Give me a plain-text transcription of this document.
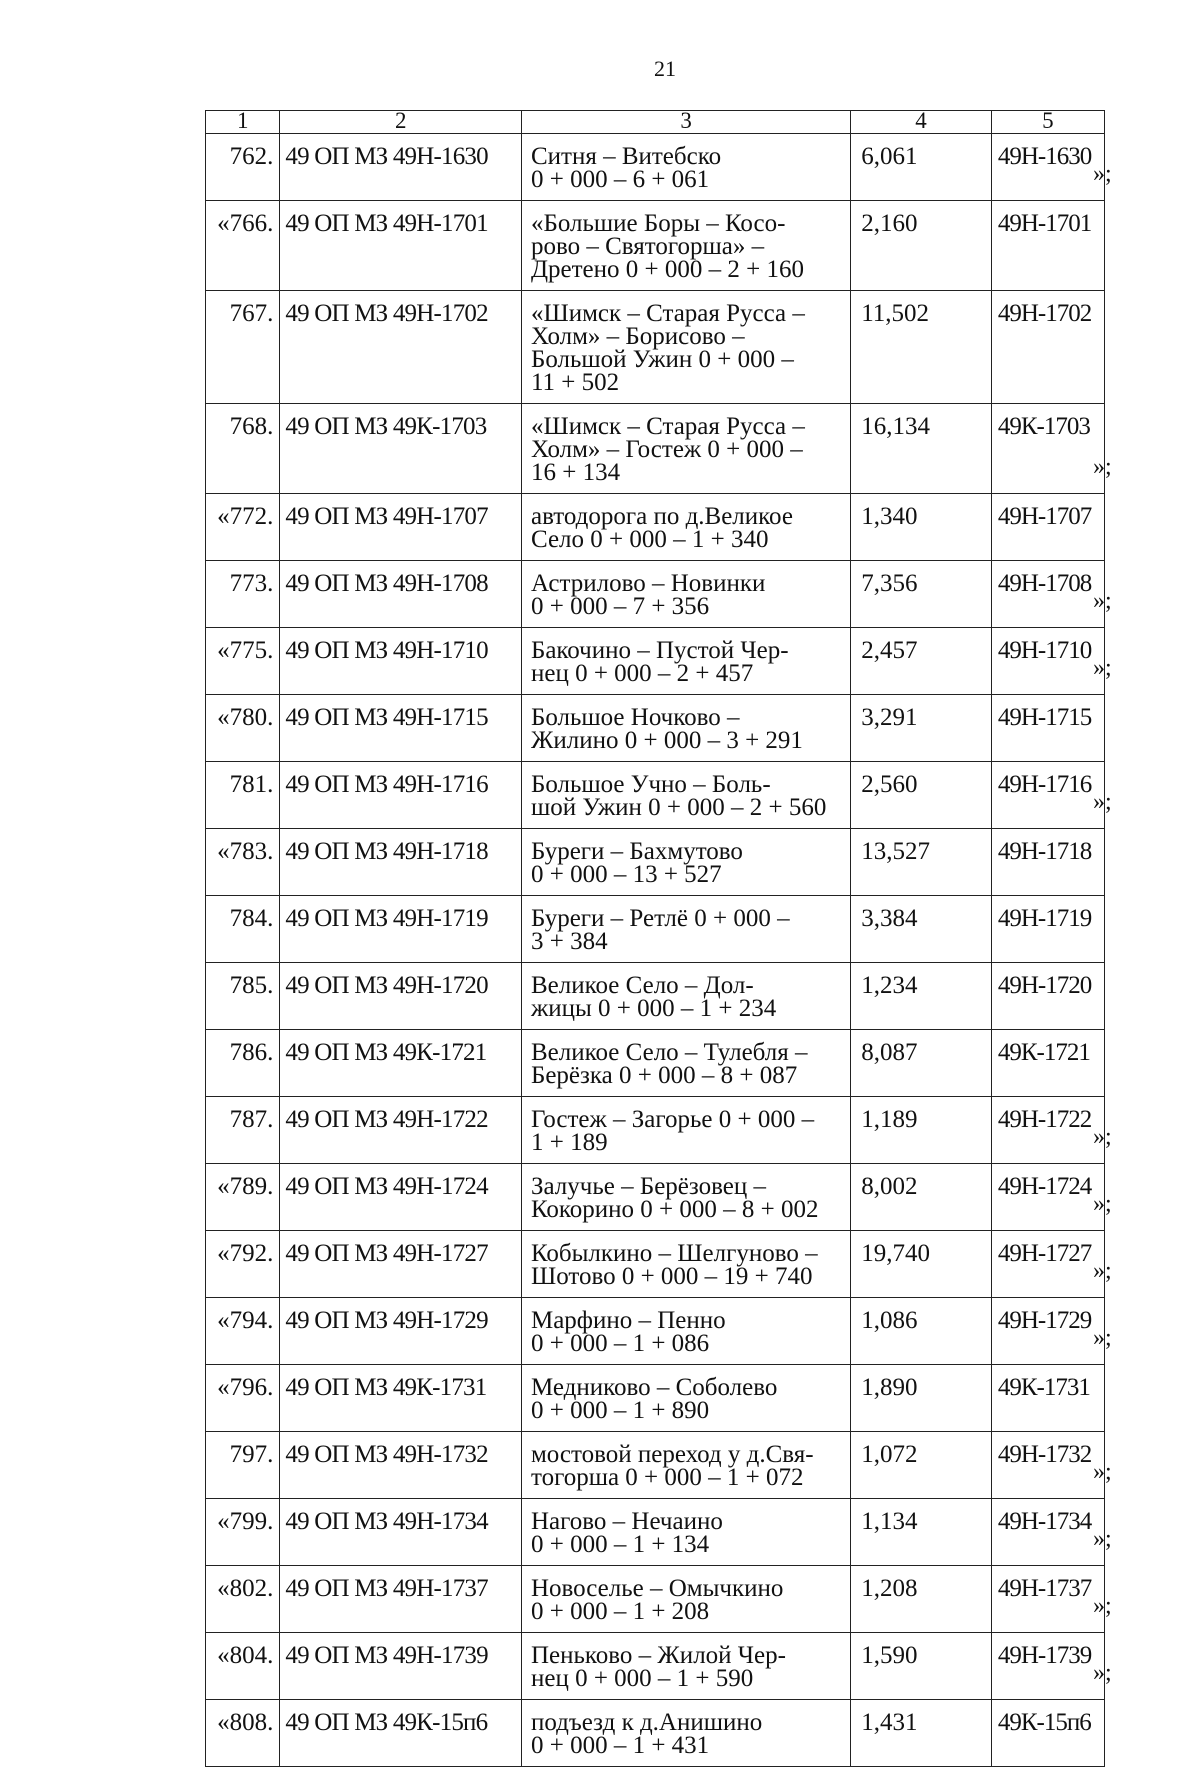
21
1	2	3	4	5
762.	49 ОП МЗ 49Н-1630	Ситня – Витебско
0 + 000 – 6 + 061	6,061	49Н-1630
«766.	49 ОП МЗ 49Н-1701	«Большие Боры – Косо-
рово – Святогорша» –
Дретено 0 + 000 – 2 + 160	2,160	49Н-1701
767.	49 ОП МЗ 49Н-1702	«Шимск – Старая Русса –
Холм» – Борисово –
Большой Ужин 0 + 000 –
11 + 502	11,502	49Н-1702
768.	49 ОП МЗ 49К-1703	«Шимск – Старая Русса –
Холм» – Гостеж 0 + 000 –
16 + 134	16,134	49К-1703
«772.	49 ОП МЗ 49Н-1707	автодорога по д.Великое
Село 0 + 000 – 1 + 340	1,340	49Н-1707
773.	49 ОП МЗ 49Н-1708	Астрилово – Новинки
0 + 000 – 7 + 356	7,356	49Н-1708
«775.	49 ОП МЗ 49Н-1710	Бакочино – Пустой Чер-
нец 0 + 000 – 2 + 457	2,457	49Н-1710
«780.	49 ОП МЗ 49Н-1715	Большое Ночково –
Жилино 0 + 000 – 3 + 291	3,291	49Н-1715
781.	49 ОП МЗ 49Н-1716	Большое Учно – Боль-
шой Ужин 0 + 000 – 2 + 560	2,560	49Н-1716
«783.	49 ОП МЗ 49Н-1718	Буреги – Бахмутово
0 + 000 – 13 + 527	13,527	49Н-1718
784.	49 ОП МЗ 49Н-1719	Буреги – Ретлё 0 + 000 –
3 + 384	3,384	49Н-1719
785.	49 ОП МЗ 49Н-1720	Великое Село – Дол-
жицы 0 + 000 – 1 + 234	1,234	49Н-1720
786.	49 ОП МЗ 49К-1721	Великое Село – Тулебля –
Берёзка 0 + 000 – 8 + 087	8,087	49К-1721
787.	49 ОП МЗ 49Н-1722	Гостеж – Загорье 0 + 000 –
1 + 189	1,189	49Н-1722
«789.	49 ОП МЗ 49Н-1724	Залучье – Берёзовец –
Кокорино 0 + 000 – 8 + 002	8,002	49Н-1724
«792.	49 ОП МЗ 49Н-1727	Кобылкино – Шелгуново –
Шотово 0 + 000 – 19 + 740	19,740	49Н-1727
«794.	49 ОП МЗ 49Н-1729	Марфино – Пенно
0 + 000 – 1 + 086	1,086	49Н-1729
«796.	49 ОП МЗ 49К-1731	Медниково – Соболево
0 + 000 – 1 + 890	1,890	49К-1731
797.	49 ОП МЗ 49Н-1732	мостовой переход у д.Свя-
тогорша 0 + 000 – 1 + 072	1,072	49Н-1732
«799.	49 ОП МЗ 49Н-1734	Нагово – Нечаино
0 + 000 – 1 + 134	1,134	49Н-1734
«802.	49 ОП МЗ 49Н-1737	Новоселье – Омычкино
0 + 000 – 1 + 208	1,208	49Н-1737
«804.	49 ОП МЗ 49Н-1739	Пеньково – Жилой Чер-
нец 0 + 000 – 1 + 590	1,590	49Н-1739
«808.	49 ОП МЗ 49К-15п6	подъезд к д.Анишино
0 + 000 – 1 + 431	1,431	49К-15п6
»;
»;
»;
»;
»;
»;
»;
»;
»;
»;
»;
»;
»;
